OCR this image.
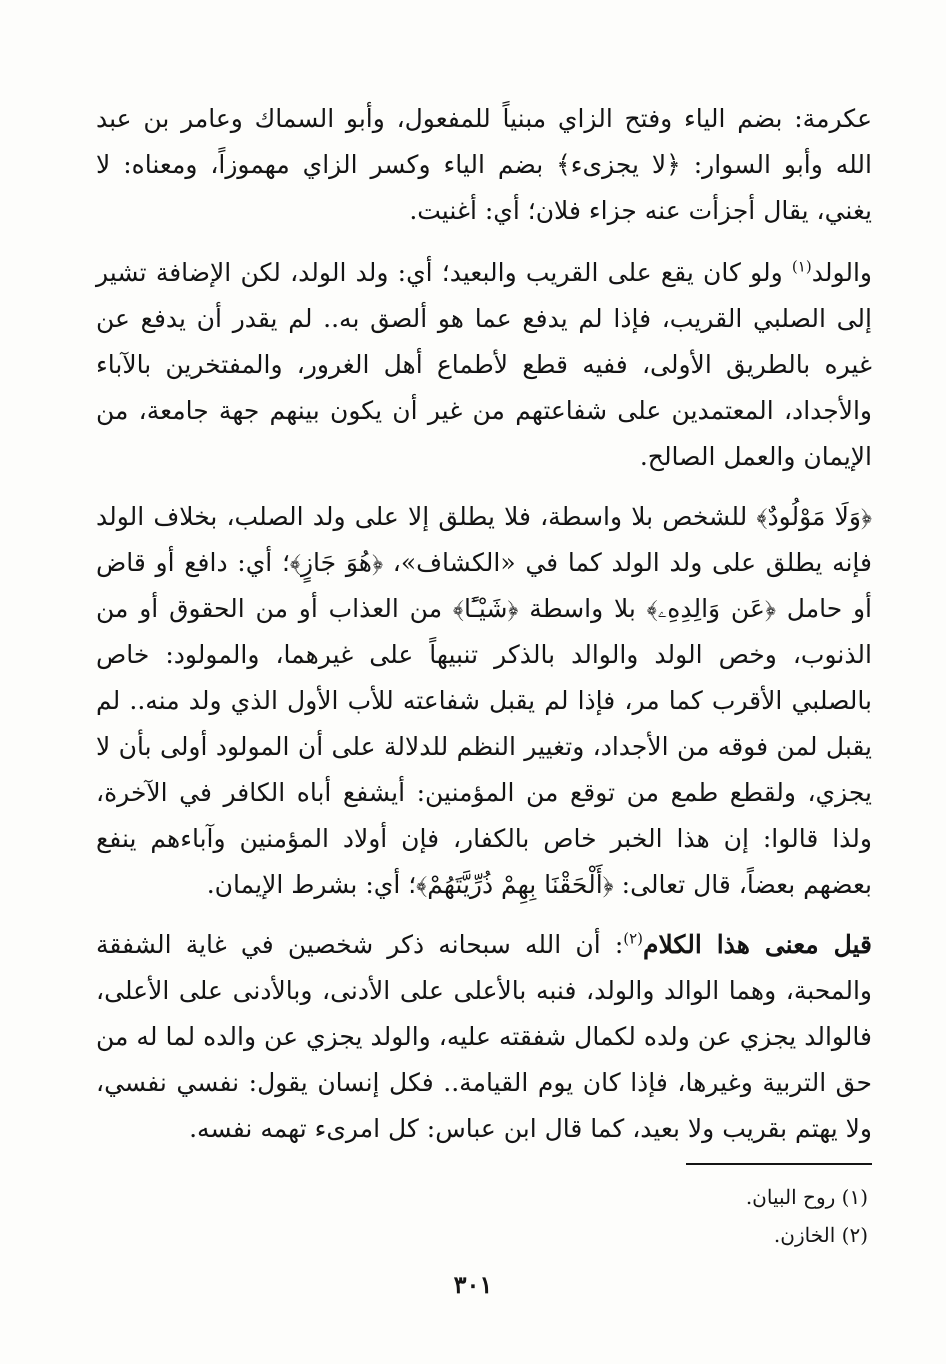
عكرمة: بضم الياء وفتح الزاي مبنياً للمفعول، وأبو السماك وعامر بن عبد الله وأبو السوار: ﴿لا يجزىء﴾ بضم الياء وكسر الزاي مهموزاً، ومعناه: لا يغني، يقال أجزأت عنه جزاء فلان؛ أي: أغنيت.

والولد$^{(١)}$ ولو كان يقع على القريب والبعيد؛ أي: ولد الولد، لكن الإضافة تشير إلى الصلبي القريب، فإذا لم يدفع عما هو ألصق به.. لم يقدر أن يدفع عن غيره بالطريق الأولى، ففيه قطع لأطماع أهل الغرور، والمفتخرين بالآباء والأجداد، المعتمدين على شفاعتهم من غير أن يكون بينهم جهة جامعة، من الإيمان والعمل الصالح.

﴿وَلَا مَوْلُودٌ﴾ للشخص بلا واسطة، فلا يطلق إلا على ولد الصلب، بخلاف الولد فإنه يطلق على ولد الولد كما في «الكشاف»، ﴿هُوَ جَازٍ﴾؛ أي: دافع أو قاض أو حامل ﴿عَن وَالِدِهِۦ﴾ بلا واسطة ﴿شَيْـًٔا﴾ من العذاب أو من الحقوق أو من الذنوب، وخص الولد والوالد بالذكر تنبيهاً على غيرهما، والمولود: خاص بالصلبي الأقرب كما مر، فإذا لم يقبل شفاعته للأب الأول الذي ولد منه.. لم يقبل لمن فوقه من الأجداد، وتغيير النظم للدلالة على أن المولود أولى بأن لا يجزي، ولقطع طمع من توقع من المؤمنين: أيشفع أباه الكافر في الآخرة، ولذا قالوا: إن هذا الخبر خاص بالكفار، فإن أولاد المؤمنين وآباءهم ينفع بعضهم بعضاً، قال تعالى: ﴿أَلْحَقْنَا بِهِمْ ذُرِّيَّتَهُمْ﴾؛ أي: بشرط الإيمان.

قيل معنى هذا الكلام$^{(٢)}$: أن الله سبحانه ذكر شخصين في غاية الشفقة والمحبة، وهما الوالد والولد، فنبه بالأعلى على الأدنى، وبالأدنى على الأعلى، فالوالد يجزي عن ولده لكمال شفقته عليه، والولد يجزي عن والده لما له من حق التربية وغيرها، فإذا كان يوم القيامة.. فكل إنسان يقول: نفسي نفسي، ولا يهتم بقريب ولا بعيد، كما قال ابن عباس: كل امرىء تهمه نفسه.

(١) روح البيان.

(٢) الخازن.

٣٠١
